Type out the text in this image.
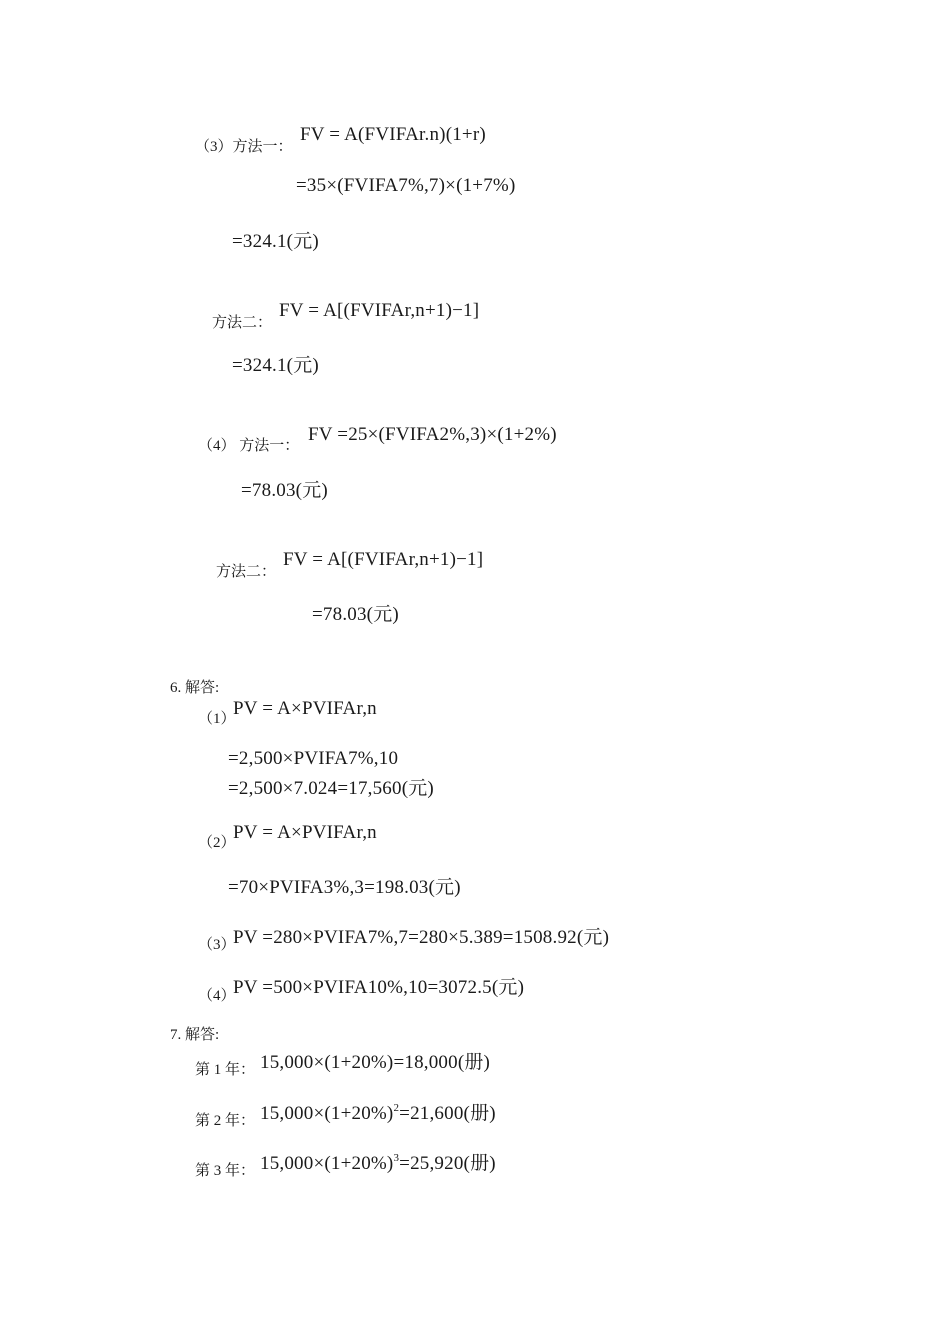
（3）方法一：
FV = A(FVIFAr.n)(1+r)
=35×(FVIFA7%,7)×(1+7%)
=324.1(元)
方法二：
FV = A[(FVIFAr,n+1)−1]
=324.1(元)
（4） 方法一：
FV =25×(FVIFA2%,3)×(1+2%)
=78.03(元)
方法二：
FV = A[(FVIFAr,n+1)−1]
=78.03(元)
6. 解答:
（1）
PV = A×PVIFAr,n
=2,500×PVIFA7%,10
=2,500×7.024=17,560(元)
（2）
PV = A×PVIFAr,n
=70×PVIFA3%,3=198.03(元)
（3）
PV =280×PVIFA7%,7=280×5.389=1508.92(元)
（4）
PV =500×PVIFA10%,10=3072.5(元)
7. 解答:
第 1 年： 15,000×(1+20%)=18,000(册)
第 2 年： $15,000\times(1+20\%)^2=21,600$(册)
第 3 年： $15,000\times(1+20\%)^3=25,920$(册)
